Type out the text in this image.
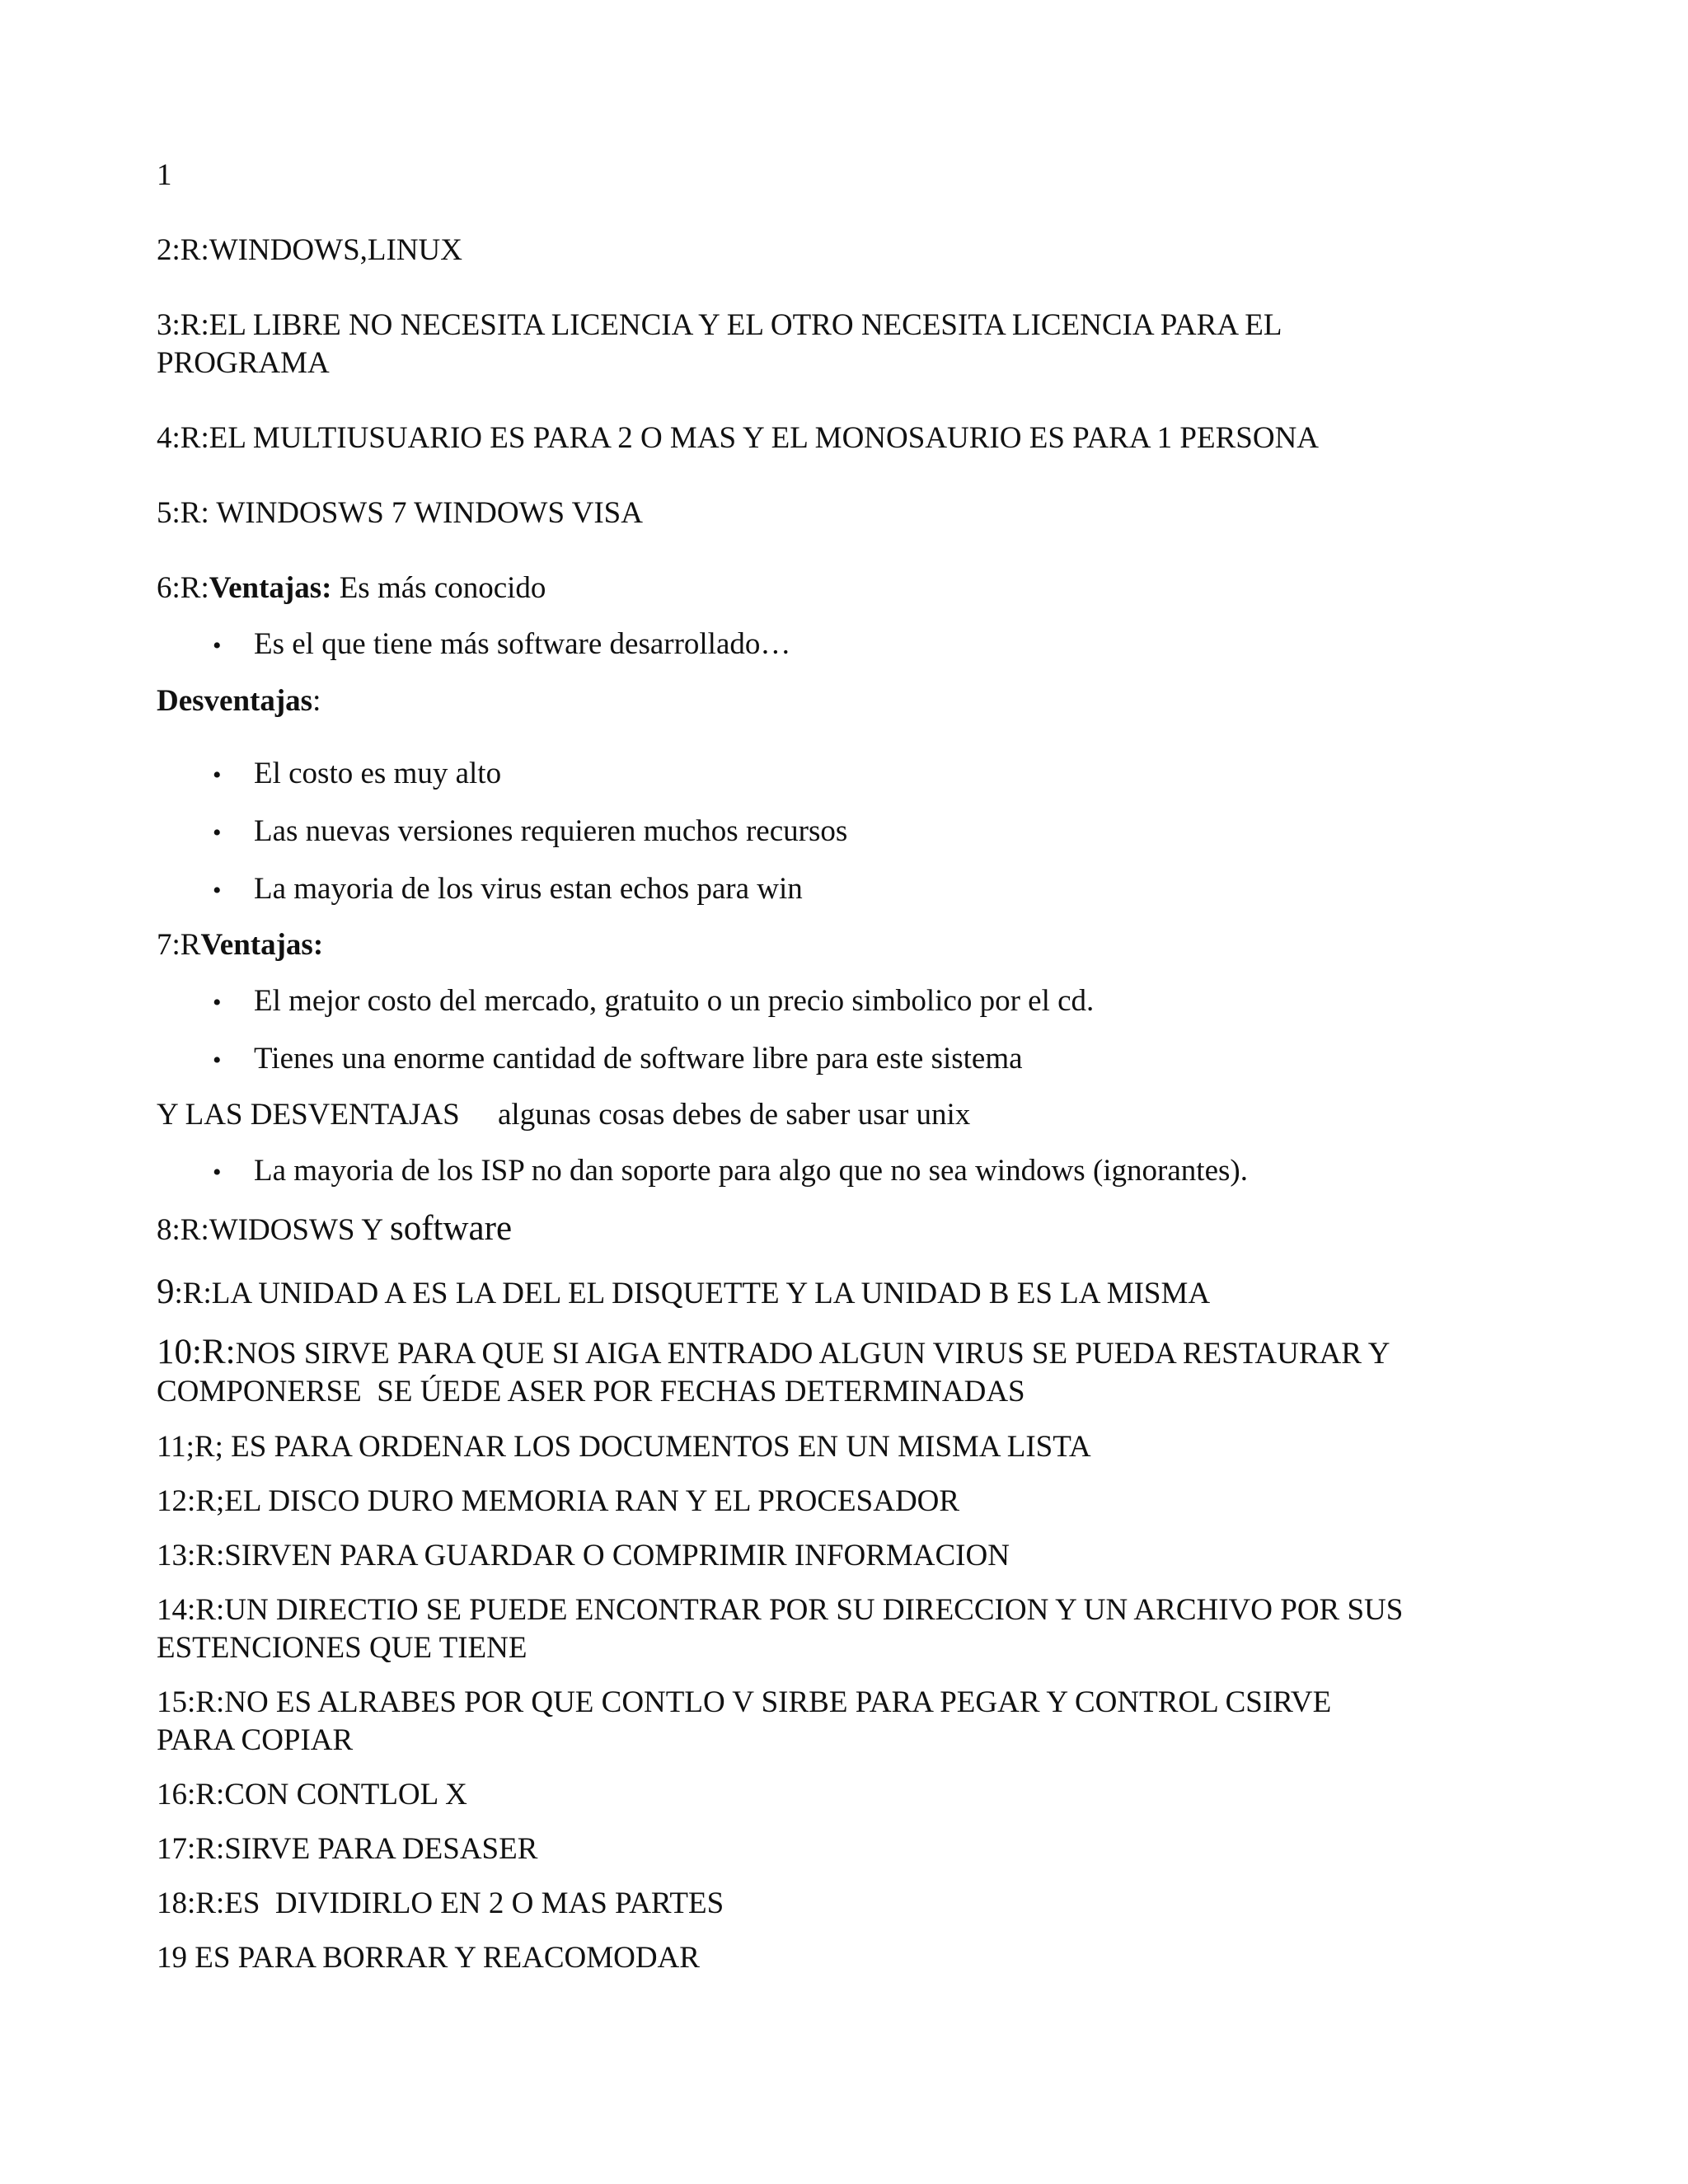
1

2:R:WINDOWS,LINUX

3:R:EL LIBRE NO NECESITA LICENCIA Y EL OTRO NECESITA LICENCIA PARA EL

PROGRAMA

4:R:EL MULTIUSUARIO ES PARA 2 O MAS Y EL MONOSAURIO ES PARA 1 PERSONA

5:R: WINDOSWS 7 WINDOWS VISA

6:R:Ventajas: Es más conocido

• Es el que tiene más software desarrollado…

Desventajas:

• El costo es muy alto

• Las nuevas versiones requieren muchos recursos

• La mayoria de los virus estan echos para win

7:RVentajas:

• El mejor costo del mercado, gratuito o un precio simbolico por el cd.

• Tienes una enorme cantidad de software libre para este sistema

Y LAS DESVENTAJAS     algunas cosas debes de saber usar unix

• La mayoria de los ISP no dan soporte para algo que no sea windows (ignorantes).

8:R:WIDOSWS Y software

9:R:LA UNIDAD A ES LA DEL EL DISQUETTE Y LA UNIDAD B ES LA MISMA

10:R:NOS SIRVE PARA QUE SI AIGA ENTRADO ALGUN VIRUS SE PUEDA RESTAURAR Y

COMPONERSE  SE ÚEDE ASER POR FECHAS DETERMINADAS

11;R; ES PARA ORDENAR LOS DOCUMENTOS EN UN MISMA LISTA

12:R;EL DISCO DURO MEMORIA RAN Y EL PROCESADOR

13:R:SIRVEN PARA GUARDAR O COMPRIMIR INFORMACION

14:R:UN DIRECTIO SE PUEDE ENCONTRAR POR SU DIRECCION Y UN ARCHIVO POR SUS

ESTENCIONES QUE TIENE

15:R:NO ES ALRABES POR QUE CONTLO V SIRBE PARA PEGAR Y CONTROL CSIRVE

PARA COPIAR

16:R:CON CONTLOL X

17:R:SIRVE PARA DESASER

18:R:ES  DIVIDIRLO EN 2 O MAS PARTES

19 ES PARA BORRAR Y REACOMODAR
